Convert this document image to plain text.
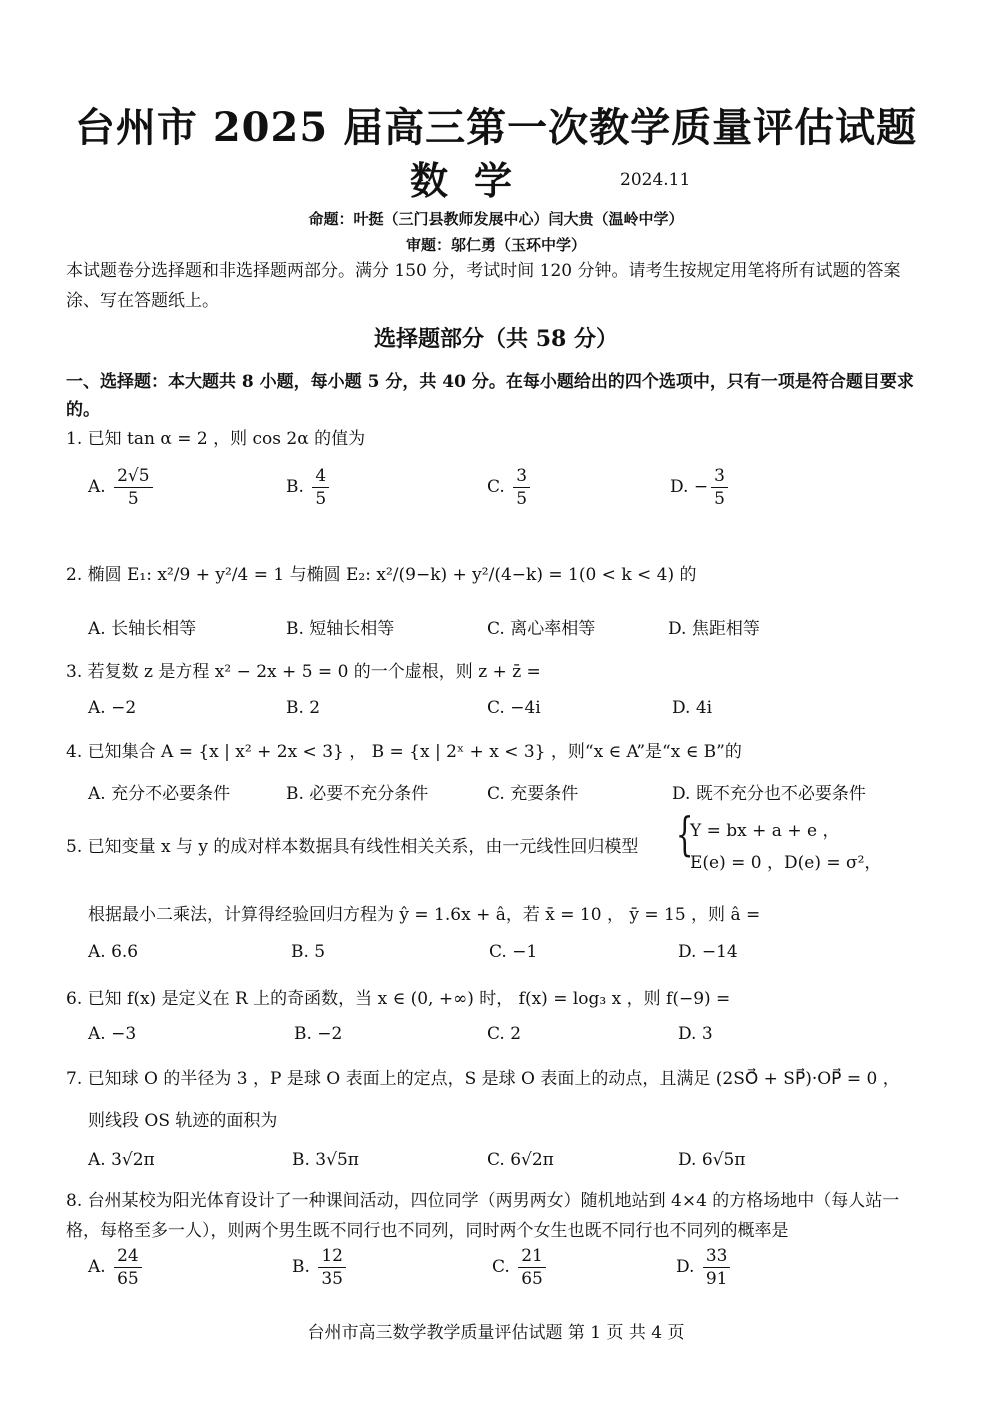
台州市 2025 届高三第一次教学质量评估试题
数学	2024.11
命题：叶挺（三门县教师发展中心）闫大贵（温岭中学）
审题：邬仁勇（玉环中学）
本试题卷分选择题和非选择题两部分。满分 150 分，考试时间 120 分钟。请考生按规定用笔将所有试题的答案涂、写在答题纸上。
选择题部分（共 58 分）
一、选择题：本大题共 8 小题，每小题 5 分，共 40 分。在每小题给出的四个选项中，只有一项是符合题目要求的。
1. 已知 tan α = 2 ，则 cos 2α 的值为
A. $\frac{2√5}{5}$	B. $\frac{4}{5}$	C. $\frac{3}{5}$	D. − $\frac{3}{5}$
2. 椭圆 E₁: x²/9 + y²/4 = 1 与椭圆 E₂: x²/(9−k) + y²/(4−k) = 1(0 < k < 4) 的
A. 长轴长相等	B. 短轴长相等	C. 离心率相等	D. 焦距相等
3. 若复数 z 是方程 x² − 2x + 5 = 0 的一个虚根，则 z + z̄ =
A. −2	B. 2	C. −4i	D. 4i
4. 已知集合 A = {x | x² + 2x < 3} ， B = {x | 2ˣ + x < 3} ，则“x ∈ A”是“x ∈ B”的
A. 充分不必要条件	B. 必要不充分条件	C. 充要条件	D. 既不充分也不必要条件
5. 已知变量 x 与 y 的成对样本数据具有线性相关关系，由一元线性回归模型 {
Y = bx + a + e ，
E(e) = 0 ，D(e) = σ²，
根据最小二乘法，计算得经验回归方程为 ŷ = 1.6x + â，若 x̄ = 10 ， ȳ = 15 ，则 â =
A. 6.6	B. 5	C. −1	D. −14
6. 已知 f(x) 是定义在 R 上的奇函数，当 x ∈ (0, +∞) 时， f(x) = log₃ x ，则 f(−9) =
A. −3	B. −2	C. 2	D. 3
7. 已知球 O 的半径为 3 ，P 是球 O 表面上的定点，S 是球 O 表面上的动点，且满足 (2SO⃗ + SP⃗)·OP⃗ = 0 ，
则线段 OS 轨迹的面积为
A. 3√2π	B. 3√5π	C. 6√2π	D. 6√5π
8. 台州某校为阳光体育设计了一种课间活动，四位同学（两男两女）随机地站到 4×4 的方格场地中（每人站一格，每格至多一人），则两个男生既不同行也不同列，同时两个女生也既不同行也不同列的概率是
A. $\frac{24}{65}$	B. $\frac{12}{35}$	C. $\frac{21}{65}$	D. $\frac{33}{91}$
台州市高三数学教学质量评估试题 第 1 页 共 4 页
